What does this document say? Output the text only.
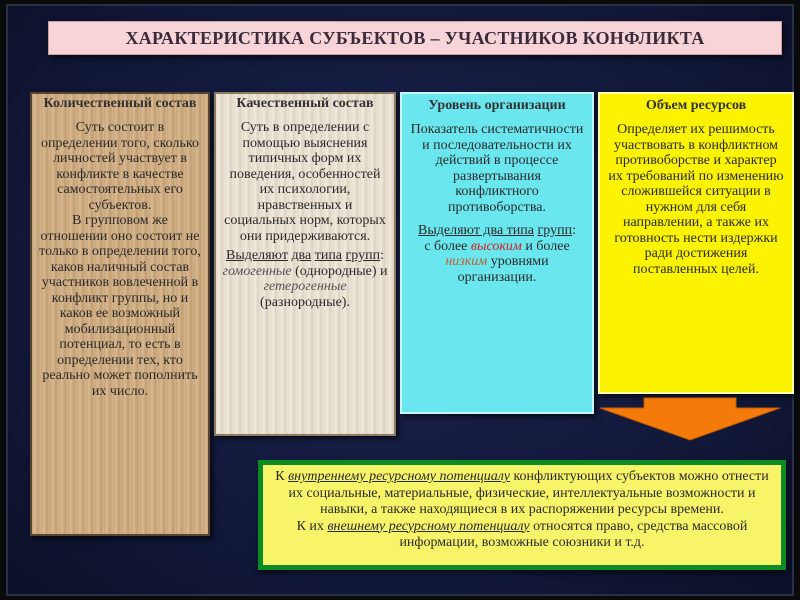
ХАРАКТЕРИСТИКА СУБЪЕКТОВ – УЧАСТНИКОВ КОНФЛИКТА
Количественный состав
Суть состоит в определении того, сколько личностей участвует в конфликте в качестве самостоятельных его субъектов.
В групповом же отношении оно состоит не только в определении того, каков наличный состав участников вовлеченной в конфликт группы, но и каков ее возможный мобилизационный потенциал, то есть в определении тех, кто реально может пополнить их число.
Качественный состав
Суть в определении с помощью выяснения типичных форм их поведения, особенностей их психологии, нравственных и социальных норм, которых они придерживаются.
Выделяют два типа групп:
гомогенные (однородные) и
гетерогенные (разнородные).
Уровень организации
Показатель систематичности и последовательности их действий в процессе развертывания конфликтного противоборства.
Выделяют два типа групп:
с более высоким и более низким уровнями организации.
Объем ресурсов
Определяет их решимость участвовать в конфликтном противоборстве и характер их требований по изменению сложившейся ситуации в нужном для себя направлении, а также их готовность нести издержки ради достижения поставленных целей.
К внутреннему ресурсному потенциалу конфликтующих субъектов можно отнести их социальные, материальные, физические, интеллектуальные возможности и навыки, а также находящиеся в их распоряжении ресурсы времени.
К их внешнему ресурсному потенциалу относятся право, средства массовой информации, возможные союзники и т.д.
